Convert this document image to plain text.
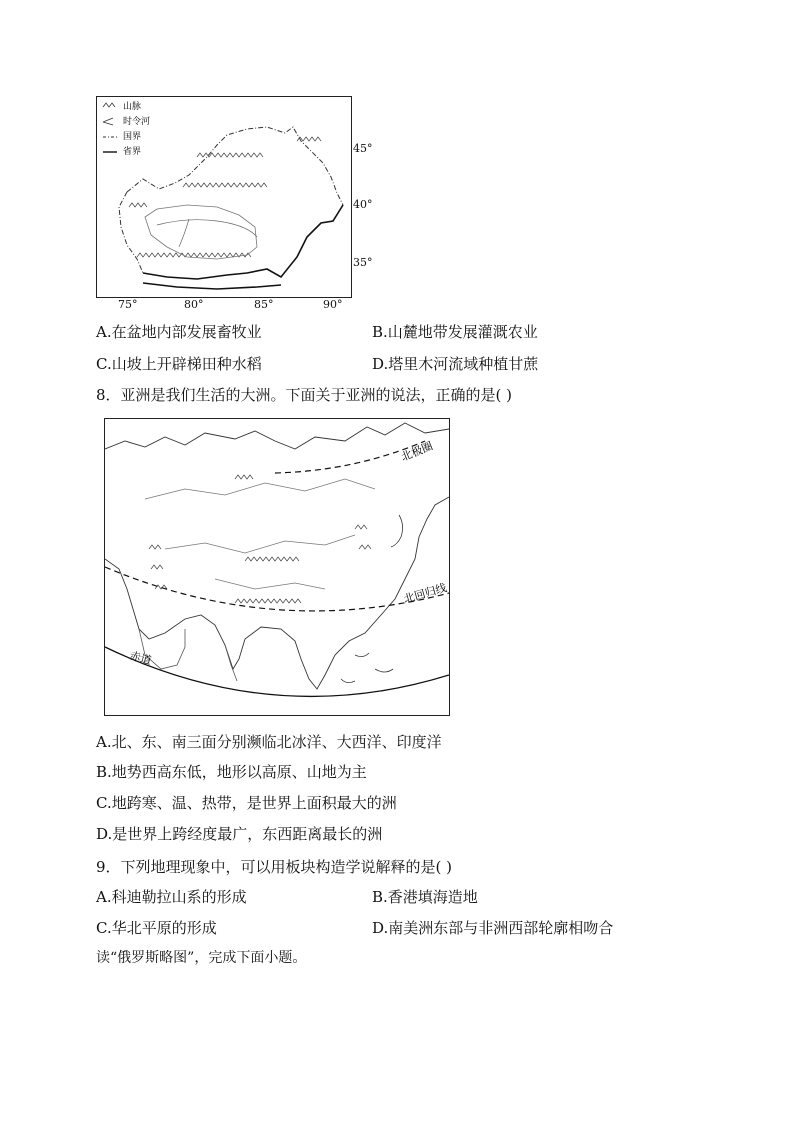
山脉
时令河
国界
省界	45°
40°
35°
75°	80°	85°	90°
A.在盆地内部发展畜牧业	B.山麓地带发展灌溉农业
C.山坡上开辟梯田种水稻	D.塔里木河流域种植甘蔗
8．亚洲是我们生活的大洲。下面关于亚洲的说法，正确的是( )
北极圈
北回归线
赤道
A.北、东、南三面分别濒临北冰洋、大西洋、印度洋
B.地势西高东低，地形以高原、山地为主
C.地跨寒、温、热带，是世界上面积最大的洲
D.是世界上跨经度最广，东西距离最长的洲
9．下列地理现象中，可以用板块构造学说解释的是( )
A.科迪勒拉山系的形成	B.香港填海造地
C.华北平原的形成	D.南美洲东部与非洲西部轮廓相吻合
读“俄罗斯略图”，完成下面小题。
